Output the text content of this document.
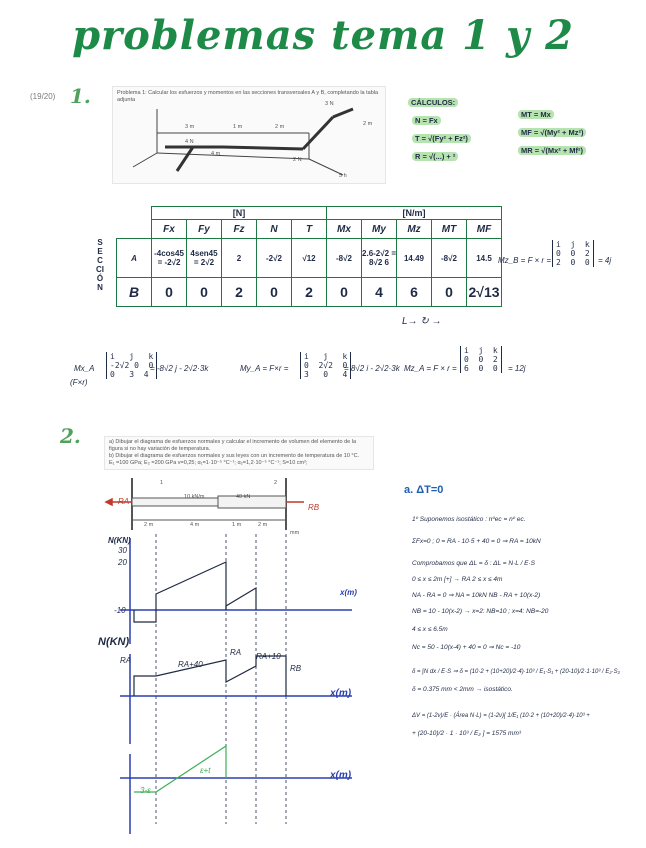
problemas tema 1 y 2
(19/20) 1.	Problema 1: Calcular los esfuerzos y momentos en las secciones transversales A y B, completando la tabla adjunta
3 m	1 m	2 m
5 h
4 N
2 N
3 N
4 m
2 m
CÁLCULOS:
N = Fx
T = √(Fy² + Fz²)
R = √(...) + ²
MT = Mx
MF = √(My² + Mz²)
MR = √(Mx² + Mf²)
SECCIÓN
	[N]					[N/m]				
	Fx	Fy	Fz	N	T	Mx	My	Mz	MT	MF
A	-4cos45 = -2√2	4sen45 = 2√2	2	-2√2	√12	-8√2	2.6-2√2 = 8√2 6	14.49	-8√2	14.5
B	0	0	2	0	2	0	4	6	0	2√13
Mz_B = F × r =
i  j  k
0  0  2
2  0  0	= 4j
L→ ↻ →
Mx_A
(F×r)
i   j   k
-2√2 0  0
0   3  4
= -8√2 j - 2√2·3k	My_A = F×r =
i   j   k
0  2√2  0
3   0   4
= 8√2 i - 2√2·3k Mz_A = F × r =
i  j  k
0  0  2
6  0  0	= 12j
2.	a) Dibujar el diagrama de esfuerzos normales y calcular el incremento de volumen del elemento de la figura si no hay variación de temperatura.
b) Dibujar el diagrama de esfuerzos normales y sus leyes con un incremento de temperatura de 10 °C.
E₁ =100 GPa; E₂ =200 GPa v=0,25; α₁=1·10⁻⁵ °C⁻¹; α₂=1,2·10⁻⁵ °C⁻¹; S=10 cm²;
1	2
10 kN/m	40 kN
RA
RB
2 m	4 m	1 m	2 m
mm
N(KN)
30
20
-10
x(m)
N(KN)
RA	RA+40
RA RA+10
RB
x(m)
3-ε
ε+t	x(m)
a. ΔT=0
1º Suponemos isostático : nºec = nº ec.
ΣFx=0 ; 0 = RA - 10·5 + 40 = 0 ⇒ RA = 10kN
Comprobamos que ΔL = δ : ΔL = N·L / E·S
0 ≤ x ≤ 2m [+] → RA 2 ≤ x ≤ 4m
NA - RA = 0 ⇒ NA = 10kN NB - RA + 10(x-2)
NB = 10 - 10(x-2) → x=2: NB=10 ; x=4: NB=-20
4 ≤ x ≤ 6.5m
Nc = 50 - 10(x-4) + 40 = 0 ⇒ Nc = -10
δ = ∫N dx / E·S ⇒ δ = (10·2 + (10+20)/2·4)·10³ / E₁·S₁ + (20-10)/2·1·10³ / E₂·S₂
δ = 0.375 mm < 2mm → isostático.
ΔV = (1-2ν)/E · (Área N·L) = (1-2ν)[ 1/E₁ (10·2 + (10+20)/2·4)·10³ +
+ (20-10)/2 · 1 · 10³ / E₂ ] = 1575 mm³
